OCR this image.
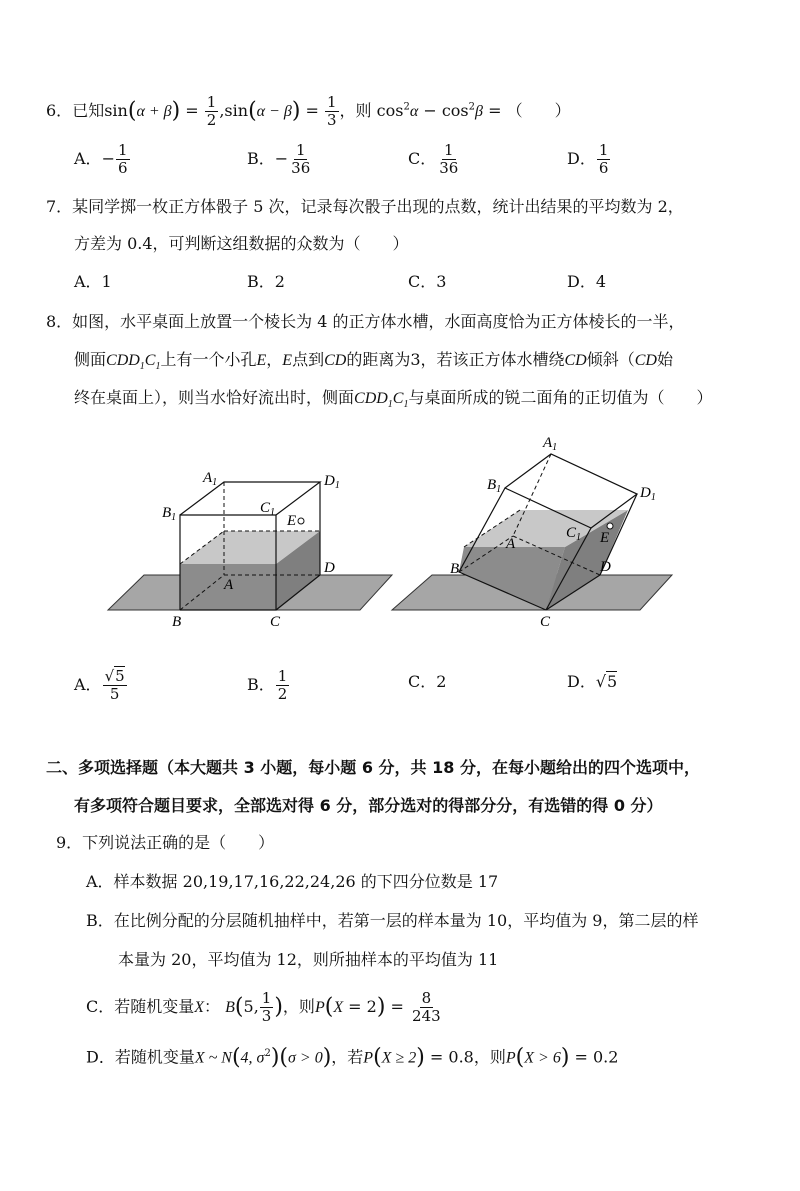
6．已知$\sin(\alpha + \beta) = \frac{1}{2} ,\sin(\alpha - \beta) = \frac{1}{3}$ ，则 $\cos^2\alpha - \cos^2\beta$ = （　　）
A．− $\frac{1}{6}$	B．− $\frac{1}{36}$	C． $\frac{1}{36}$	D． $\frac{1}{6}$
7．某同学掷一枚正方体骰子 5 次，记录每次骰子出现的点数，统计出结果的平均数为 2，
方差为 0.4，可判断这组数据的众数为（　　）
A．1	B．2	C．3	D．4
8．如图，水平桌面上放置一个棱长为 4 的正方体水槽，水面高度恰为正方体棱长的一半，
侧面$CDD_1C_1$上有一个小孔E，E点到CD的距离为3，若该正方体水槽绕CD倾斜（CD始
终在桌面上），则当水恰好流出时，侧面$CDD_1C_1$与桌面所成的锐二面角的正切值为（　　）
$A_1$	$D_1$
$B_1$
$C_1$
E
D
A
B	C
$A_1$
$D_1$
$B_1$
$C_1$ E
D
A
B
C
A． $\frac{√5}{5}$	B． $\frac{1}{2}$	C．2	D．√5
二、多项选择题（本大题共 3 小题，每小题 6 分，共 18 分，在每小题给出的四个选项中，
有多项符合题目要求，全部选对得 6 分，部分选对的得部分分，有选错的得 0 分）
9．下列说法正确的是（　　）
A．样本数据 20,19,17,16,22,24,26 的下四分位数是 17
B．在比例分配的分层随机抽样中，若第一层的样本量为 10，平均值为 9，第二层的样
本量为 20，平均值为 12，则所抽样本的平均值为 11
C．若随机变量X： B(5, $\frac{1}{3}$ )，则$P(X = 2) = \frac{8}{243}$
D．若随机变量X ~ N(4, $\sigma^2)(\sigma > 0)$，若P(X ≥ 2) = 0.8，则P(X > 6) = 0.2
